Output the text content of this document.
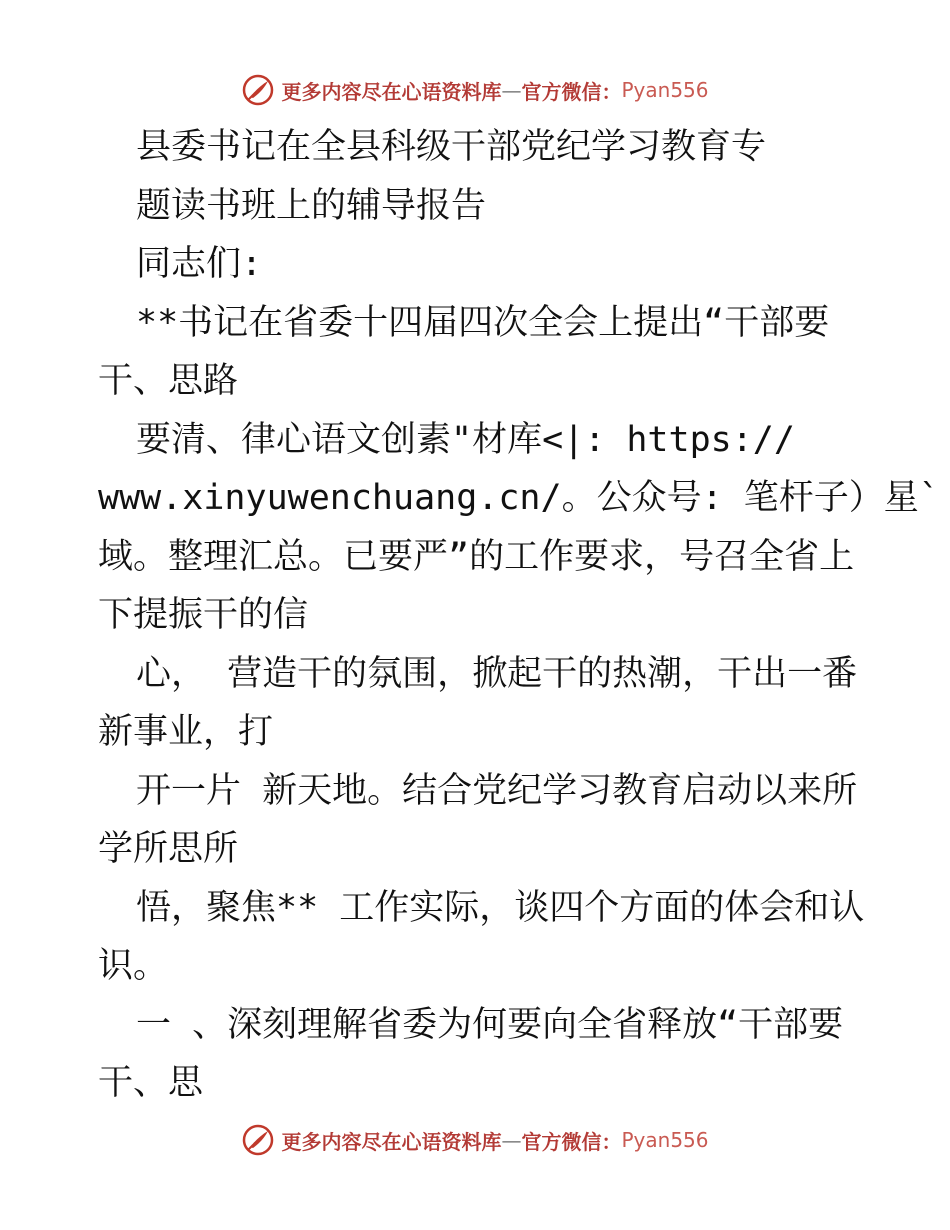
更多内容尽在心语资料库 — 官方微信： Pyan556
县委书记在全县科级干部党纪学习教育专
题读书班上的辅导报告
同志们:
**书记在省委十四届四次全会上提出“干部要
干、思路
要清、律心语文创素"材库<|: https://
www.xinyuwenchuang.cn/。公众号: 笔杆子）星`
域。整理汇总。已要严”的工作要求，号召全省上
下提振干的信
心， 营造干的氛围，掀起干的热潮，干出一番
新事业，打
开一片 新天地。结合党纪学习教育启动以来所
学所思所
悟，聚焦** 工作实际，谈四个方面的体会和认
识。
一 、深刻理解省委为何要向全省释放“干部要
干、思
更多内容尽在心语资料库 — 官方微信： Pyan556
